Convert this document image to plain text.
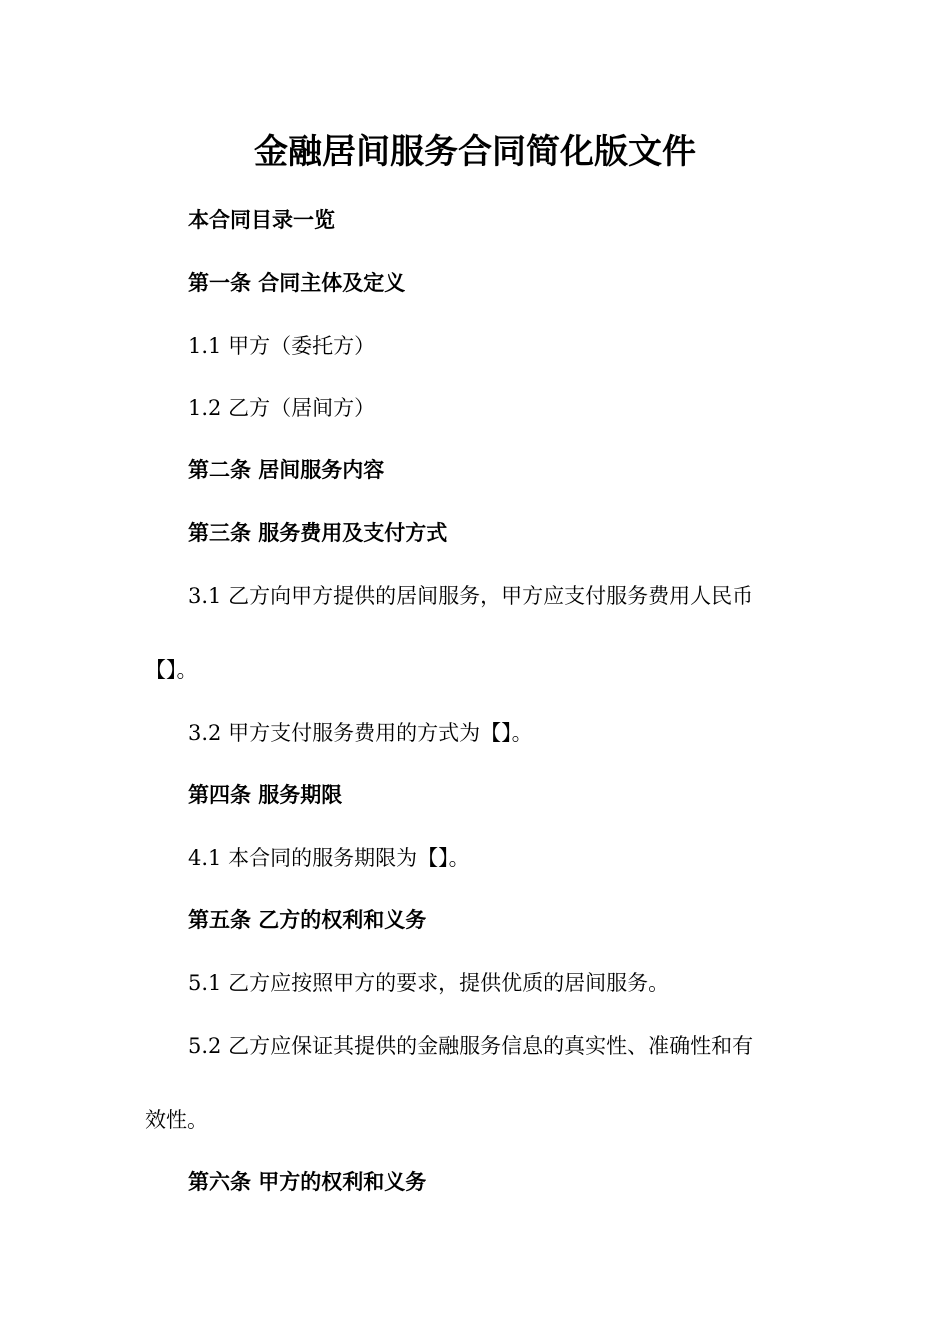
金融居间服务合同简化版文件
本合同目录一览
第一条 合同主体及定义
1.1 甲方（委托方）
1.2 乙方（居间方）
第二条 居间服务内容
第三条 服务费用及支付方式
3.1 乙方向甲方提供的居间服务，甲方应支付服务费用人民币
【】。
3.2 甲方支付服务费用的方式为【】。
第四条 服务期限
4.1 本合同的服务期限为【】。
第五条 乙方的权利和义务
5.1 乙方应按照甲方的要求，提供优质的居间服务。
5.2 乙方应保证其提供的金融服务信息的真实性、准确性和有
效性。
第六条 甲方的权利和义务
